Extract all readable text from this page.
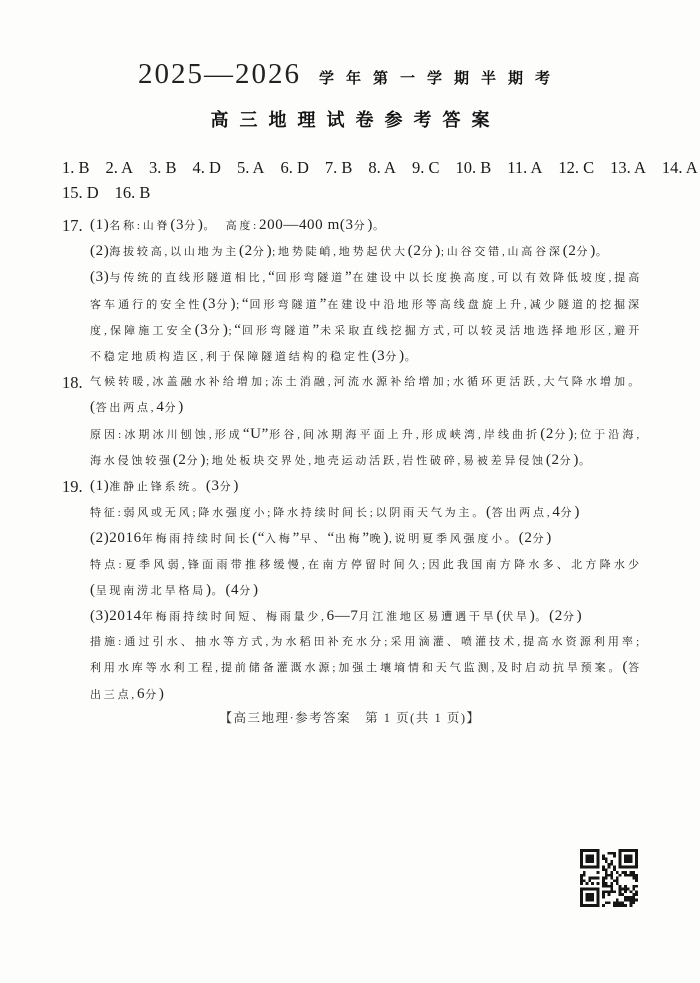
2025—2026 学年第一学期半期考
高三地理试卷参考答案
1. B 2. A 3. B 4. D 5. A 6. D 7. B 8. A 9. C 10. B 11. A 12. C 13. A 14. A
15. D 16. B
17. (1)名称:山脊(3分)。　高度:200—400 m(3分)。
(2)海拔较高,以山地为主(2分);地势陡峭,地势起伏大(2分);山谷交错,山高谷深(2分)。
(3)与传统的直线形隧道相比,“回形弯隧道”在建设中以长度换高度,可以有效降低坡度,提高客车通行的安全性(3分);“回形弯隧道”在建设中沿地形等高线盘旋上升,减少隧道的挖掘深度,保障施工安全(3分);“回形弯隧道”未采取直线挖掘方式,可以较灵活地选择地形区,避开不稳定地质构造区,利于保障隧道结构的稳定性(3分)。
18. 气候转暖,冰盖融水补给增加;冻土消融,河流水源补给增加;水循环更活跃,大气降水增加。(答出两点,4分)
原因:冰期冰川刨蚀,形成“U”形谷,间冰期海平面上升,形成峡湾,岸线曲折(2分);位于沿海,海水侵蚀较强(2分);地处板块交界处,地壳运动活跃,岩性破碎,易被差异侵蚀(2分)。
19. (1)准静止锋系统。(3分)
特征:弱风或无风;降水强度小;降水持续时间长;以阴雨天气为主。(答出两点,4分)
(2)2016年梅雨持续时间长(“入梅”早、“出梅”晚),说明夏季风强度小。(2分)
特点:夏季风弱,锋面雨带推移缓慢,在南方停留时间久;因此我国南方降水多、北方降水少(呈现南涝北旱格局)。(4分)
(3)2014年梅雨持续时间短、梅雨量少,6—7月江淮地区易遭遇干旱(伏旱)。(2分)
措施:通过引水、抽水等方式,为水稻田补充水分;采用滴灌、喷灌技术,提高水资源利用率;利用水库等水利工程,提前储备灌溉水源;加强土壤墒情和天气监测,及时启动抗旱预案。(答出三点,6分)
【高三地理·参考答案　第 1 页(共 1 页)】
